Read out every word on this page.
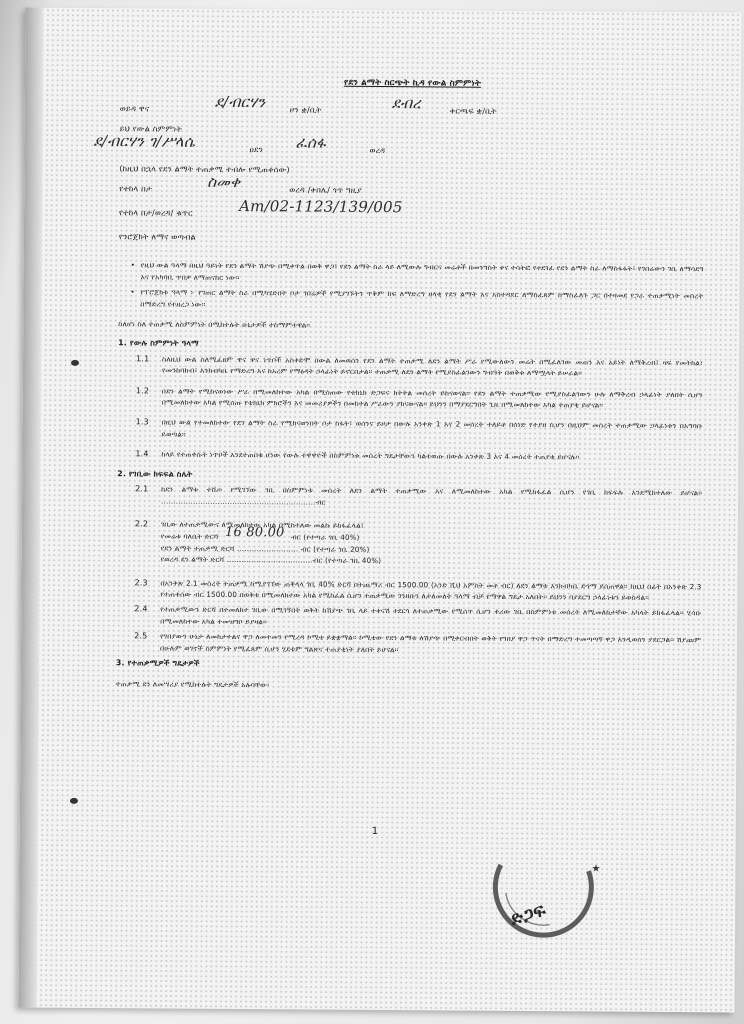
የደን ልማት ስርጭት ኪዳ የውል ስምምነት
ወይዳ ዋና	ደ/ብርሃን	ዞን ቋ/ቢት	ደብረ	ቀርጫፍ ቋ/ቢት
ይህ የውል ስምምነት
ደ/ብርሃን ገ/ሥላሴ	ዐደን ፈሰፋ	ወረዳ
(ከዚህ በኋላ የደን ልማት ተጠቃሚ ተብሎ የሚጠቀሰው)
የተከላ በታ	ስመቀ	ወረዳ /ቀበሌ/ ጎጥ ግዚያ
የተከላ በታ/ወረዳ/ ቁጥር	Am/02-1123/139/005
የንሮጀክት ለማና ወጣብል
• የዚህ ውል ዓላማ በዚህ ዓይነት የደን ልማት ሽያጭ በሚቀጥል በወቅ ዋጋ፤ የደን ልማት ስራ ላይ ለሚውሉ ግብርና መሬቶች በመንግስት ቀና ተሳትፎ የተደገፈ የደን ልማት ስራ ለማስፋፋት፣ የገበሬውን ገቢ ለማሳደግ እና የአካባቢ ጥበቃ ለማጠናከር ነው፡፡
• የፕሮጀክቱ ዓላማ ፦ የገጠር ልማት ስራ በሚካሄድበት ቦታ ገበሬዎች የሚያገኙትን ጥቅም ከፍ ለማድረግ ዘላቂ የደን ልማት እና አስተዳደር ለማስፈጸም ከማስፈለጉ ጋር በተዛመደ የጋራ ተጠቃሚነት መሰረት በማድረግ የተዘረጋ ነው፡፡
ስለሆነ ስለ ተጠቃሚ ለስምምነት በሚከተሉት ሁኔታዎች ተስማምተዋል፡፡
1. የውሉ ስምምነት ዓላማ
1.1 ስለዚህ ውል ስለሚፈፀም ዋና ዋና ነጥቦች አስቀድሞ በውል ለመወሰን የደን ልማት ተጠቃሚ ለደን ልማት ሥራ የሚውለውን መሬት በሚፈለገው መጠን እና አይነት ለማቅረብ፤ ዛፍ የመትከል፣ የመንከባከብ፣ እንክብካቤ የማድረግ እና ከአረም የማፅዳት ኃላፊነት ይኖርበታል፡፡ ተጠቃሚ ለደን ልማት የሚያስፈልገውን ግብዓት በወቅቱ ለማሟላት ይሠራል፡፡
1.2 በደን ልማት የሚከናወነው ሥራ በሚመለከተው አካል በሚሰጠው የቴክኒክ ድጋፍና ክትትል መሰረት ይከናወናል፡፡ የደን ልማት ተጠቃሚው የሚያስፈልገውን ሁሉ ለማቅረብ ኃላፊነት ያለበት ሲሆን በሚመለከተው አካል የሚሰጡ የቴክኒክ ምክሮችን እና መመሪያዎችን በመከተል ሥራውን ያከናውናል፡፡ ይህንን በማያደርግበት ጊዜ በሚመለከተው አካል ተጠያቂ ይሆናል፡፡
1.3 በዚህ ውል የተመለከተው የደን ልማት ስራ የሚከናወንበት ቦታ ስፋት፣ ወሰንና ይዞታ በውሉ አንቀጽ 1 እና 2 መሰረት ተለይቶ በሰነድ የተያዘ ሲሆን በዚህም መሰረት ተጠቃሚው ኃላፊነቱን በአግባቡ ይወጣል፡፡
1.4 ከላይ የተጠቀሱት ነጥቦች እንደተጠበቁ ሆነው የውሉ ተዋዋዮች በስምምነቱ መሰረት ግዴታቸውን ካልተወጡ በውሉ አንቀጽ 3 እና 4 መሰረት ተጠያቂ ይሆናሉ፡፡
2. የገቢው ክፍፍል ስሌት
2.1 ከደን ልማቱ ተሸጦ የሚገኘው ገቢ በስምምነቱ መሰረት ለደን ልማት ተጠቃሚው እና ለሚመለከተው አካል የሚከፋፈል ሲሆን የገቢ ክፍፍሉ እንደሚከተለው ይሆናል፡፡ ...............................................................ብር
2.2	ገቢው ለተጠቃሚውና ለሚመለከተው አካል በሚከተለው መልኩ ይከፋፈላል፤
የመሬቱ ባለቤት ድርሻ 16 80.00 ብር (የተጣራ ገቢ 40%)
የደን ልማት ተጠቃሚ ድርሻ ......................... ብር (የተጣራ ገቢ 20%)
የወረዳ ደን ልማት ድርሻ ...................................ብር (የተጣራ ገቢ 40%)
2.3 በአንቀጽ 2.1 መሰረት ተጠቃሚ ከሚያገኘው ጠቅላላ ገቢ 40% ድርሻ በተጨማሪ ብር 1500.00 (አንድ ሺህ አምስት መቶ ብር) ለደን ልማቱ እንክብካቤ ድጎማ ይሰጠዋል፡፡ ከዚህ በፊት በአንቀጽ 2.3 የተጠቀሰው ብር 1500.00 በወቅቱ በሚመለከተው አካል የሚከፈል ሲሆን ተጠቃሚው ገንዘቡን ለታለመለት ዓላማ ብቻ የማዋል ግዴታ አለበት፡፡ ይህንን ባያደርግ ኃላፊነቱን ይወስዳል፡፡
2.4 የተጠቃሚውን ድርሻ በተመለከተ ገቢው በሚገኝበት ወቅት ከሽያጭ ገቢ ላይ ተቀናሽ ተደርጎ ለተጠቃሚው የሚሰጥ ሲሆን ቀሪው ገቢ በስምምነቱ መሰረት ለሚመለከታቸው አካላት ይከፋፈላል፡፡ ሂሳቡ በሚመለከተው አካል ተመዝግቦ ይያዛል፡፡
2.5 የገበያውን ሁኔታ ለመከታተልና ዋጋ ለመተመን የሚረዳ ኮሚቴ ይቋቋማል፡፡ ኮሚቴው የደን ልማቱ ለሽያጭ በሚቀርብበት ወቅት የገበያ ዋጋ ጥናት በማድረግ ተመጣጣኝ ዋጋ እንዲወሰን ያደርጋል፡፡ ሽያጩም በሁሉም ወገኖች ስምምነት የሚፈጸም ሲሆን ሂደቱም ግልጽና ተጠያቂነት ያለበት ይሆናል፡፡
3. የተጠቃሚዎች ግዴታዎች
ተጠቃሚ ደን ለመሣሪያ የሚከተሉት ግዴታዎች አሉባቸው፡
1
ድጋፍ
★
